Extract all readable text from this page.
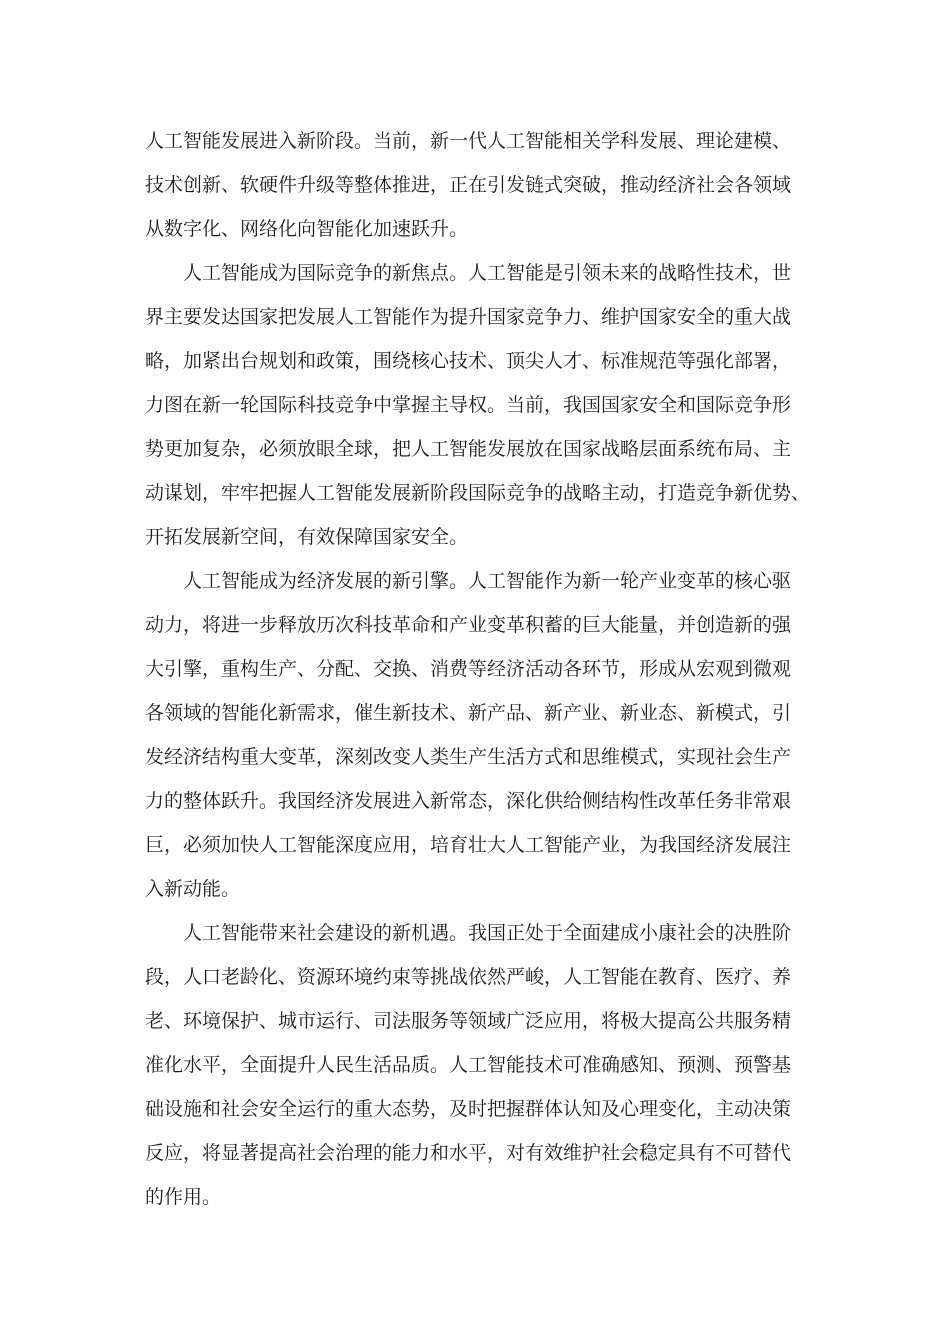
人工智能发展进入新阶段。当前，新一代人工智能相关学科发展、理论建模、
技术创新、软硬件升级等整体推进，正在引发链式突破，推动经济社会各领域
从数字化、网络化向智能化加速跃升。
人工智能成为国际竞争的新焦点。人工智能是引领未来的战略性技术，世
界主要发达国家把发展人工智能作为提升国家竞争力、维护国家安全的重大战
略，加紧出台规划和政策，围绕核心技术、顶尖人才、标准规范等强化部署，
力图在新一轮国际科技竞争中掌握主导权。当前，我国国家安全和国际竞争形
势更加复杂，必须放眼全球，把人工智能发展放在国家战略层面系统布局、主
动谋划，牢牢把握人工智能发展新阶段国际竞争的战略主动，打造竞争新优势、
开拓发展新空间，有效保障国家安全。
人工智能成为经济发展的新引擎。人工智能作为新一轮产业变革的核心驱
动力，将进一步释放历次科技革命和产业变革积蓄的巨大能量，并创造新的强
大引擎，重构生产、分配、交换、消费等经济活动各环节，形成从宏观到微观
各领域的智能化新需求，催生新技术、新产品、新产业、新业态、新模式，引
发经济结构重大变革，深刻改变人类生产生活方式和思维模式，实现社会生产
力的整体跃升。我国经济发展进入新常态，深化供给侧结构性改革任务非常艰
巨，必须加快人工智能深度应用，培育壮大人工智能产业，为我国经济发展注
入新动能。
人工智能带来社会建设的新机遇。我国正处于全面建成小康社会的决胜阶
段，人口老龄化、资源环境约束等挑战依然严峻，人工智能在教育、医疗、养
老、环境保护、城市运行、司法服务等领域广泛应用，将极大提高公共服务精
准化水平，全面提升人民生活品质。人工智能技术可准确感知、预测、预警基
础设施和社会安全运行的重大态势，及时把握群体认知及心理变化，主动决策
反应，将显著提高社会治理的能力和水平，对有效维护社会稳定具有不可替代
的作用。
